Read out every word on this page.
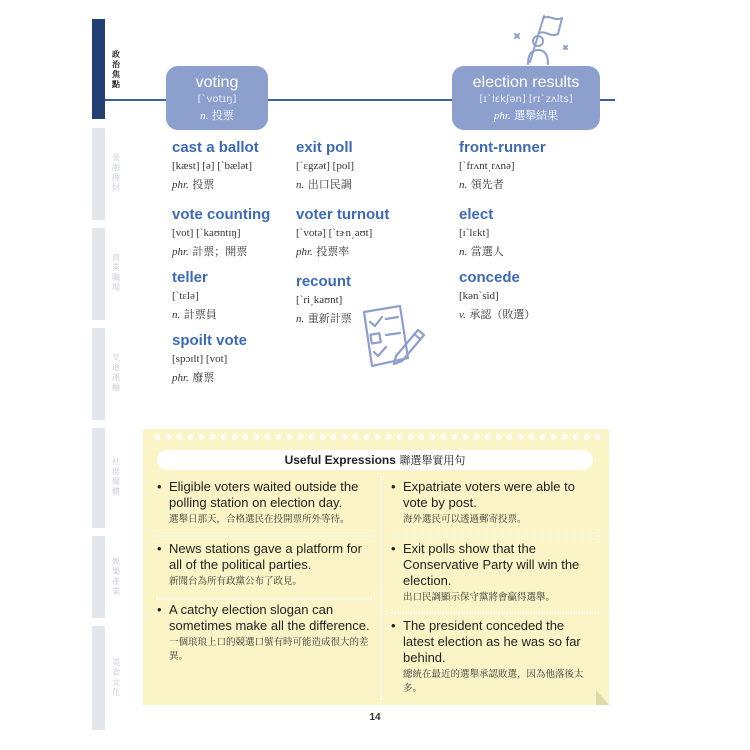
政治焦點
金融理財
商業職場
交通運輸
社群媒體
娛樂產業
美食文化
voting
[ˋvotɪŋ]
n. 投票
election results
[ɪˋlɛkʃən] [rɪˋzʌlts]
phr. 選舉結果
cast a ballot
[kæst] [ə] [ˋbælət]
phr. 投票
vote counting
[vot] [ˋkaʊntɪŋ]
phr. 計票；開票
teller
[ˋtɛlə]
n. 計票員
spoilt vote
[spɔɪlt] [vot]
phr. 廢票
exit poll
[ˋɛgzət] [pol]
n. 出口民調
voter turnout
[ˋvotə] [ˋtɝn͵aʊt]
phr. 投票率
recount
[ˋri͵kaʊnt]
n. 重新計票
front-runner
[ˋfrʌnt͵rʌnə]
n. 領先者
elect
[ɪˋlɛkt]
n. 當選人
concede
[kənˋsid]
v. 承認（敗選）
Useful Expressions 聯選舉實用句
• Eligible voters waited outside the polling station on election day.
選舉日那天，合格選民在投開票所外等待。
• News stations gave a platform for all of the political parties.
新聞台為所有政黨公布了政見。
• A catchy election slogan can sometimes make all the difference.
一個琅琅上口的競選口號有時可能造成很大的差異。
• Expatriate voters were able to vote by post.
海外選民可以透過郵寄投票。
• Exit polls show that the Conservative Party will win the election.
出口民調顯示保守黨將會贏得選舉。
• The president conceded the latest election as he was so far behind.
總統在最近的選舉承認敗選，因為他落後太多。
14
